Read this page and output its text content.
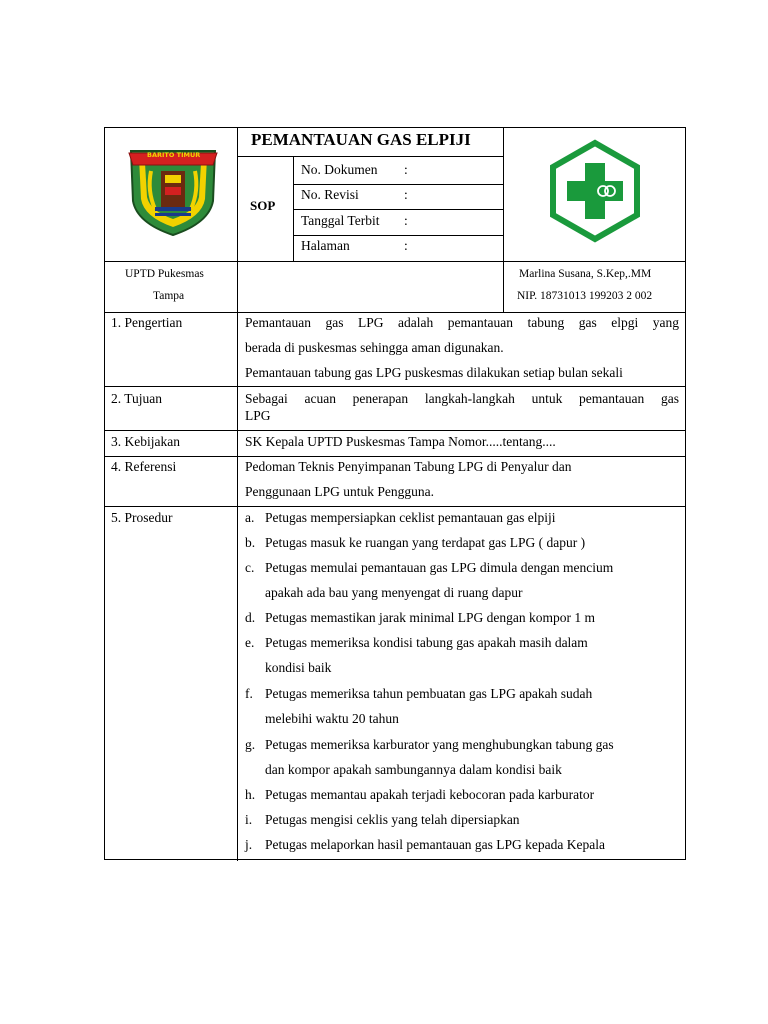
BARITO TIMUR
PEMANTAUAN GAS ELPIJI
SOP
No. Dokumen :
No. Revisi	:
Tanggal Terbit :
Halaman	:
UPTD Pukesmas
Tampa
Marlina Susana, S.Kep,.MM
NIP. 18731013 199203 2 002
1. Pengertian	Pemantauan gas LPG adalah pemantauan tabung gas elpgi yang
berada di puskesmas sehingga aman digunakan.
Pemantauan tabung gas LPG puskesmas dilakukan setiap bulan sekali
2. Tujuan	Sebagai acuan penerapan langkah-langkah untuk pemantauan gas
LPG
3. Kebijakan	SK Kepala UPTD Puskesmas Tampa Nomor.....tentang....
4. Referensi	Pedoman Teknis Penyimpanan Tabung LPG di Penyalur dan
Penggunaan LPG untuk Pengguna.
5. Prosedur	a. Petugas mempersiapkan ceklist pemantauan gas elpiji
b. Petugas masuk ke ruangan yang terdapat gas LPG ( dapur )
c. Petugas memulai pemantauan gas LPG dimula dengan mencium
apakah ada bau yang menyengat di ruang dapur
d. Petugas memastikan jarak minimal LPG dengan kompor 1 m
e. Petugas memeriksa kondisi tabung gas apakah masih dalam
kondisi baik
f. Petugas memeriksa tahun pembuatan gas LPG apakah sudah
melebihi waktu 20 tahun
g. Petugas memeriksa karburator yang menghubungkan tabung gas
dan kompor apakah sambungannya dalam kondisi baik
h. Petugas memantau apakah terjadi kebocoran pada karburator
i. Petugas mengisi ceklis yang telah dipersiapkan
j. Petugas melaporkan hasil pemantauan gas LPG kepada Kepala
